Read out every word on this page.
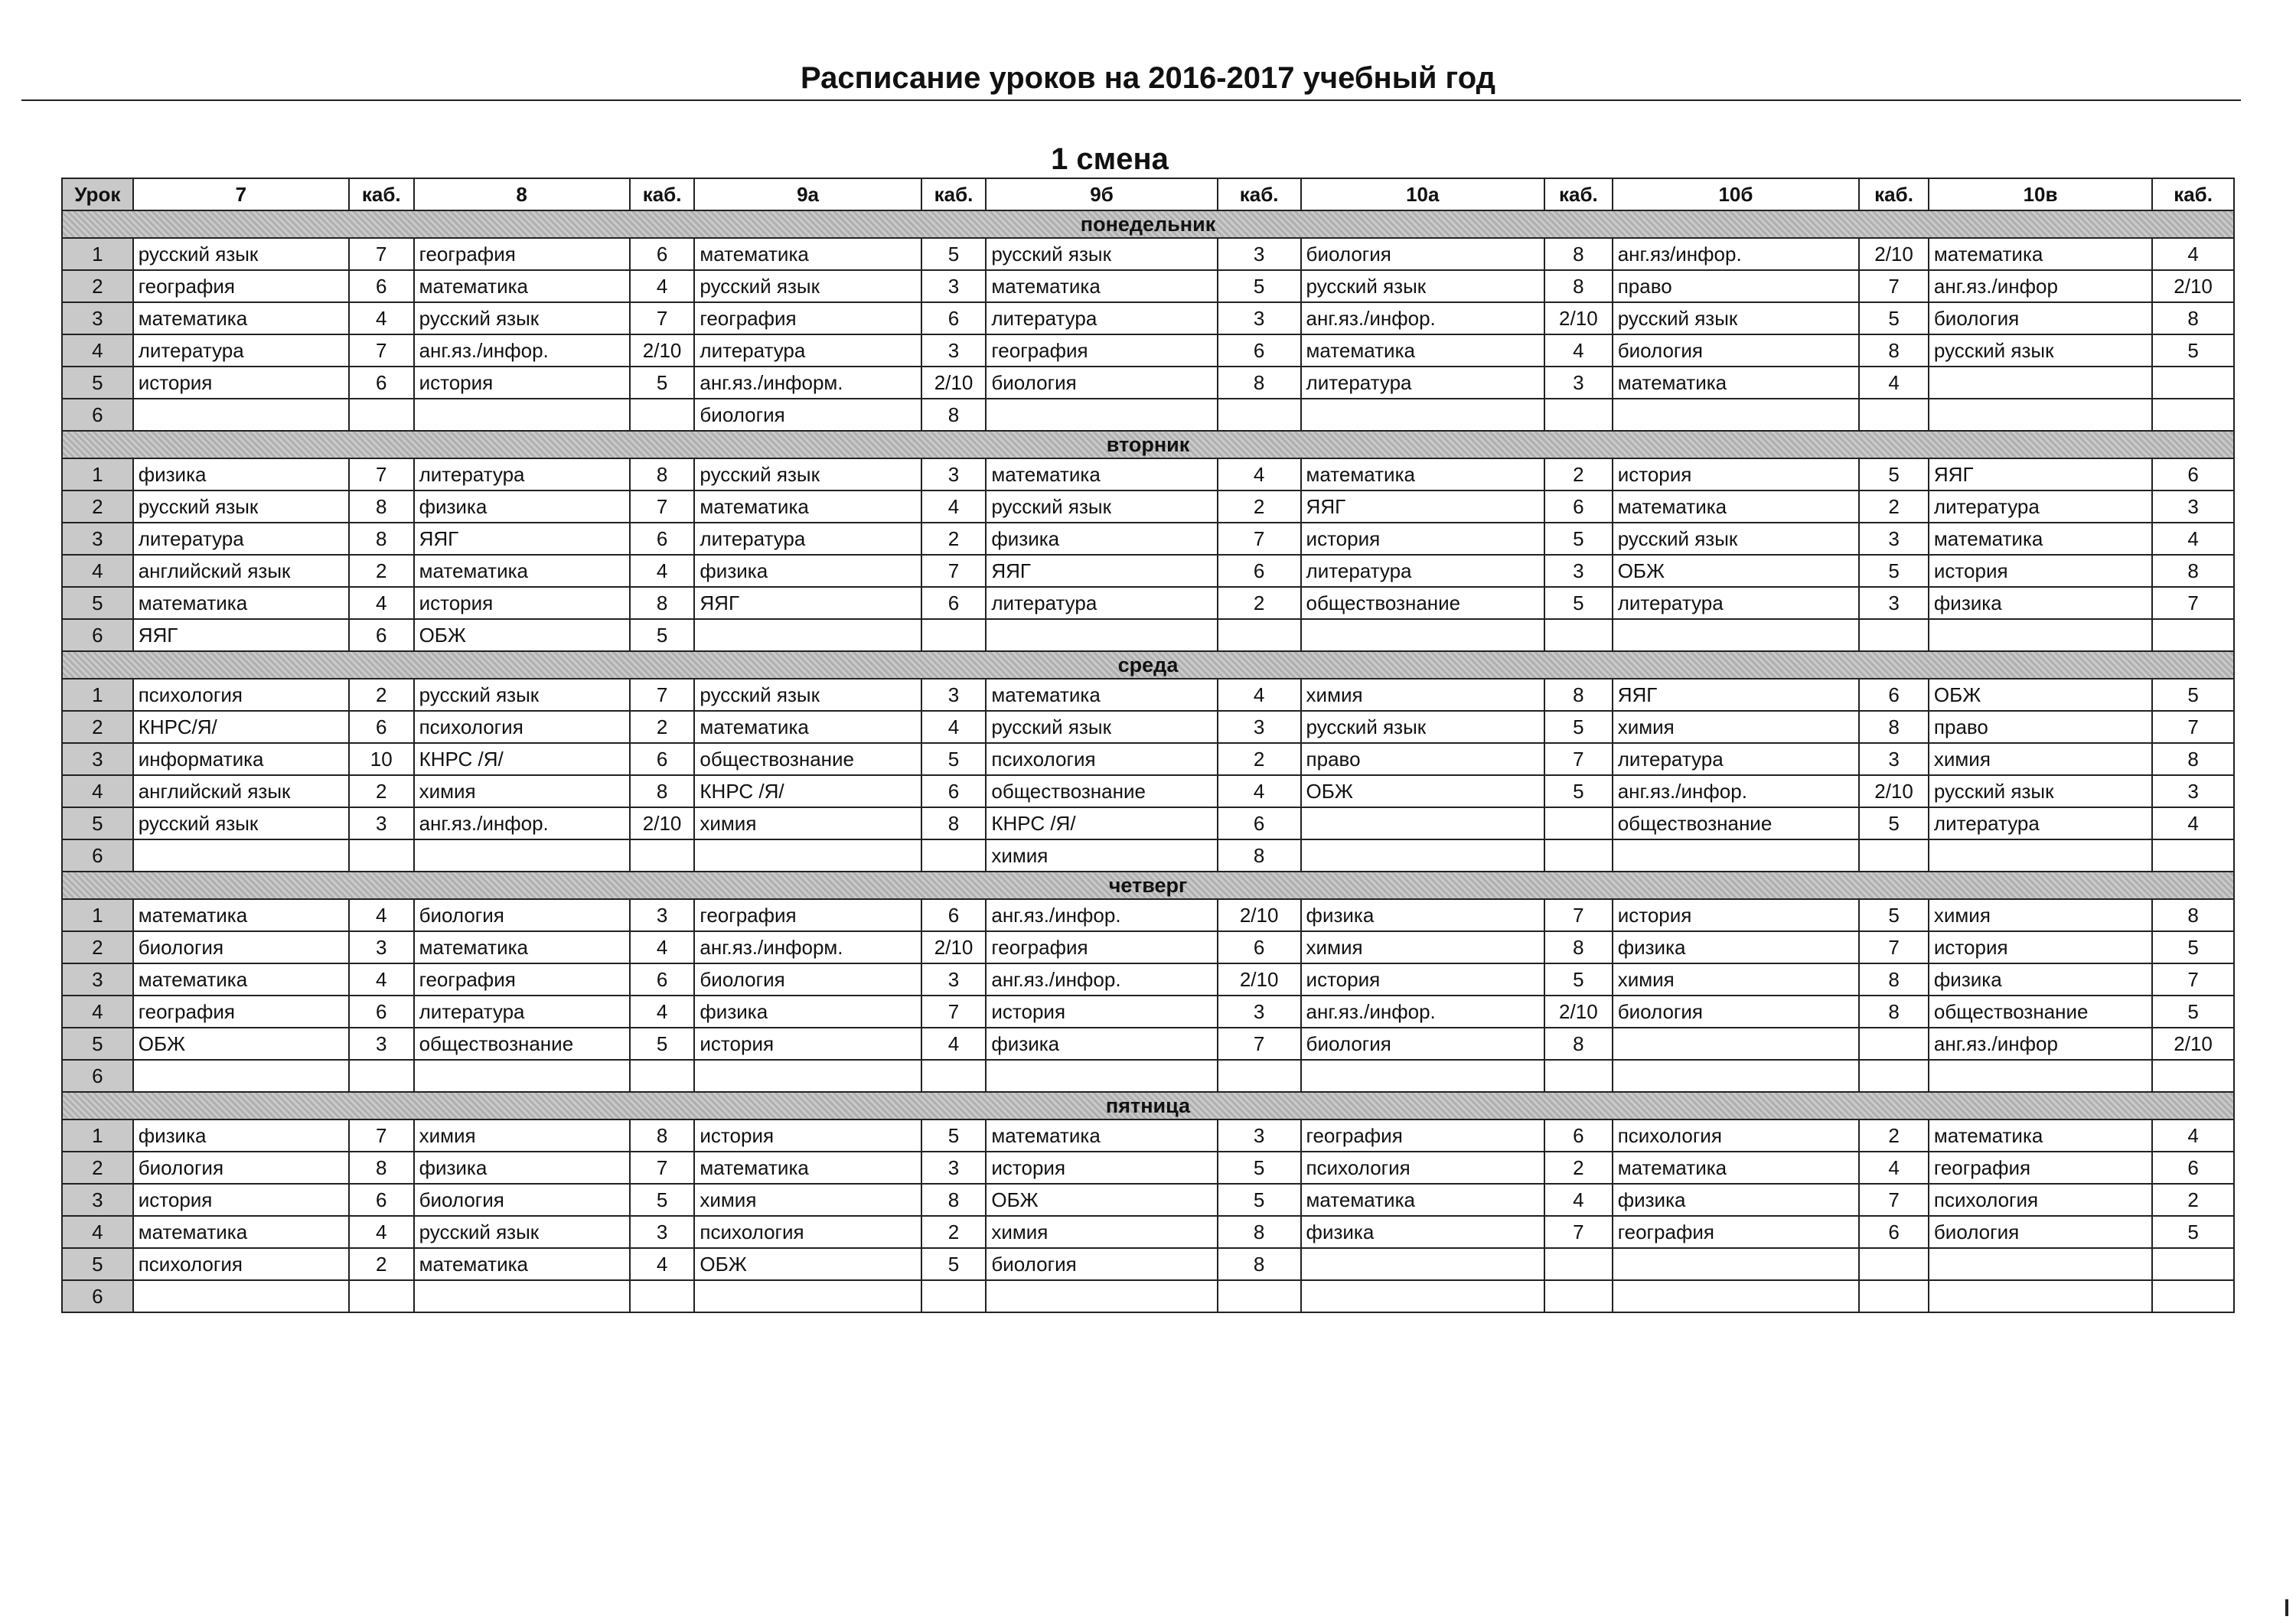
Расписание уроков на 2016-2017 учебный год
1 смена
Урок	7	каб.	8	каб.	9а	каб.	9б	каб.	10а	каб.	10б	каб.	10в	каб.
понедельник														
1	русский язык	7	география	6	математика	5	русский язык	3	биология	8	анг.яз/инфор.	2/10	математика	4
2	география	6	математика	4	русский язык	3	математика	5	русский язык	8	право	7	анг.яз./инфор	2/10
3	математика	4	русский язык	7	география	6	литература	3	анг.яз./инфор.	2/10	русский язык	5	биология	8
4	литература	7	анг.яз./инфор.	2/10	литература	3	география	6	математика	4	биология	8	русский язык	5
5	история	6	история	5	анг.яз./информ.	2/10	биология	8	литература	3	математика	4		
6					биология	8								
вторник														
1	физика	7	литература	8	русский язык	3	математика	4	математика	2	история	5	ЯЯГ	6
2	русский язык	8	физика	7	математика	4	русский язык	2	ЯЯГ	6	математика	2	литература	3
3	литература	8	ЯЯГ	6	литература	2	физика	7	история	5	русский язык	3	математика	4
4	английский язык	2	математика	4	физика	7	ЯЯГ	6	литература	3	ОБЖ	5	история	8
5	математика	4	история	8	ЯЯГ	6	литература	2	обществознание	5	литература	3	физика	7
6	ЯЯГ	6	ОБЖ	5										
среда														
1	психология	2	русский язык	7	русский язык	3	математика	4	химия	8	ЯЯГ	6	ОБЖ	5
2	КНРС/Я/	6	психология	2	математика	4	русский язык	3	русский язык	5	химия	8	право	7
3	информатика	10	КНРС /Я/	6	обществознание	5	психология	2	право	7	литература	3	химия	8
4	английский язык	2	химия	8	КНРС /Я/	6	обществознание	4	ОБЖ	5	анг.яз./инфор.	2/10	русский язык	3
5	русский язык	3	анг.яз./инфор.	2/10	химия	8	КНРС /Я/	6			обществознание	5	литература	4
6							химия	8						
четверг														
1	математика	4	биология	3	география	6	анг.яз./инфор.	2/10	физика	7	история	5	химия	8
2	биология	3	математика	4	анг.яз./информ.	2/10	география	6	химия	8	физика	7	история	5
3	математика	4	география	6	биология	3	анг.яз./инфор.	2/10	история	5	химия	8	физика	7
4	география	6	литература	4	физика	7	история	3	анг.яз./инфор.	2/10	биология	8	обществознание	5
5	ОБЖ	3	обществознание	5	история	4	физика	7	биология	8			анг.яз./инфор	2/10
6														
пятница														
1	физика	7	химия	8	история	5	математика	3	география	6	психология	2	математика	4
2	биология	8	физика	7	математика	3	история	5	психология	2	математика	4	география	6
3	история	6	биология	5	химия	8	ОБЖ	5	математика	4	физика	7	психология	2
4	математика	4	русский язык	3	психология	2	химия	8	физика	7	география	6	биология	5
5	психология	2	математика	4	ОБЖ	5	биология	8						
6														
